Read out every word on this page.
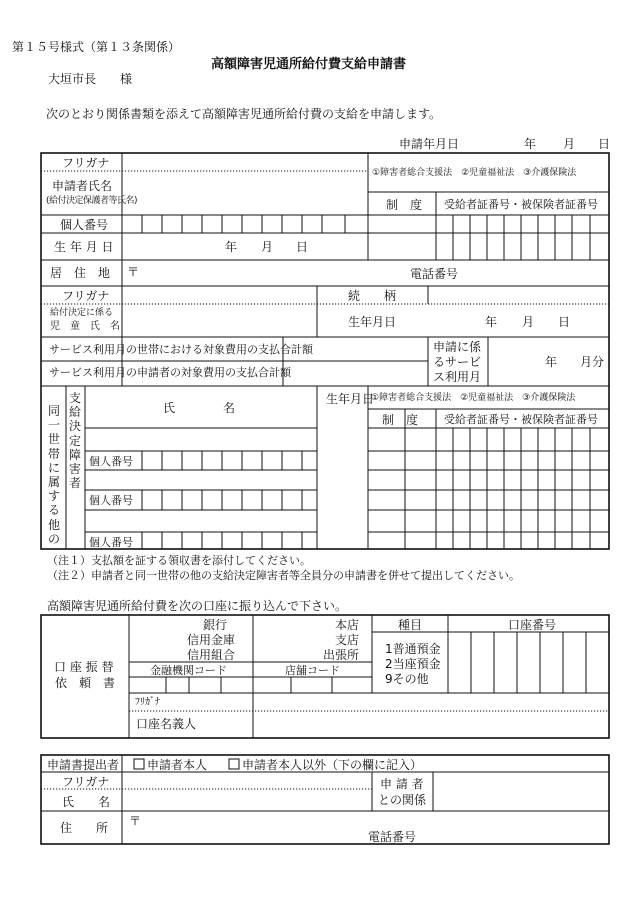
第１５号様式（第１３条関係）
高額障害児通所給付費支給申請書
大垣市長　　様
次のとおり関係書類を添えて高額障害児通所給付費の支給を申請します。
申請年月日	年 月 日
フリガナ
申請者氏名
(給付決定保護者等氏名)
①障害者総合支援法　②児童福祉法　③介護保険法
制　度 受給者証番号・被保険者証番号
個人番号
生 年 月 日	年 月 日
居　住　地 〒	電話番号
フリガナ	続　　柄
給付決定に係る
児　童　氏　名	生年月日	年 月 日
サービス利用月の世帯における対象費用の支払合計額
サービス利用月の申請者の対象費用の支払合計額
申請に係
るサービ
ス利用月
年 月分
同一世帯に属する他の
支給決定障害者
氏　　　　名
生年月日
①障害者総合支援法　②児童福祉法　③介護保険法
制　度 受給者証番号・被保険者証番号
個人番号
個人番号
個人番号
（注１）支払額を証する領収書を添付してください。
（注２）申請者と同一世帯の他の支給決定障害者等全員分の申請書を併せて提出してください。
高額障害児通所給付費を次の口座に振り込んで下さい。
口 座 振 替
依　頼　書
銀行
信用金庫
信用組合
本店
支店
出張所
種目	口座番号
1普通預金
2当座預金
9その他
金融機関コード	店舗コード
ﾌﾘｶﾞﾅ
口座名義人
申請書提出者 申請者本人	申請者本人以外（下の欄に記入）
フリガナ
氏　　名
申 請 者
との関係
住　　所 〒
電話番号
